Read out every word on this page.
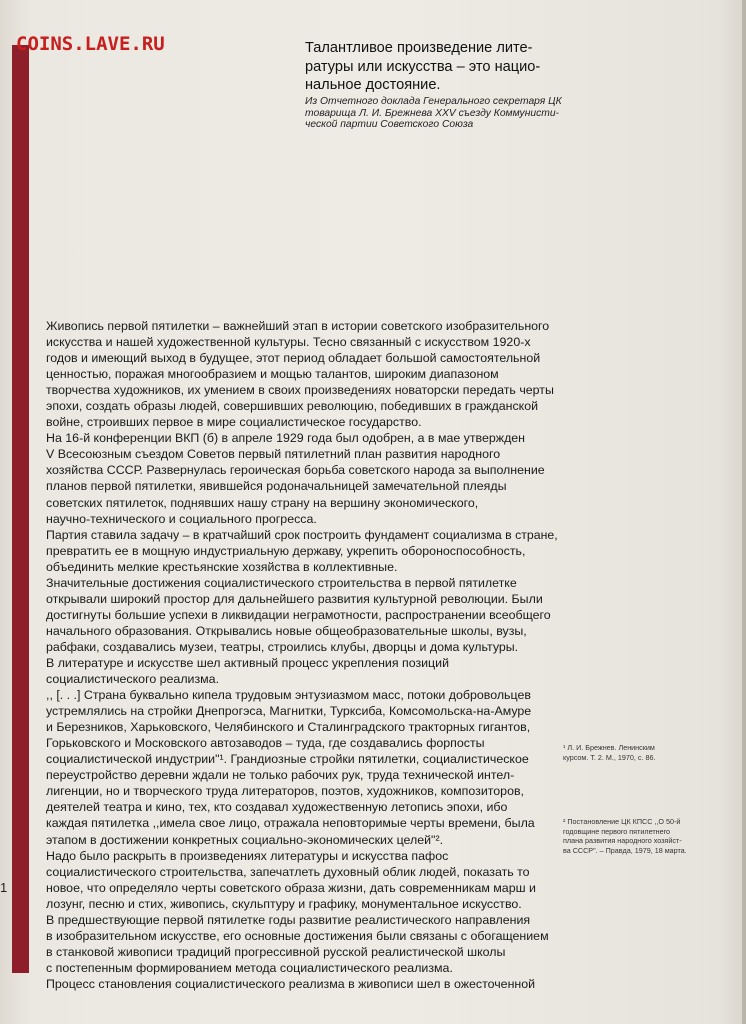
COINS.LAVE.RU
1
Талантливое произведение лите-
ратуры или искусства – это нацио-
нальное достояние.
Из Отчетного доклада Генерального секретаря ЦК
товарища Л. И. Брежнева XXV съезду Коммунисти-
ческой партии Советского Союза
Живопись первой пятилетки – важнейший этап в истории советского изобразительного
искусства и нашей художественной культуры. Тесно связанный с искусством 1920-х
годов и имеющий выход в будущее, этот период обладает большой самостоятельной
ценностью, поражая многообразием и мощью талантов, широким диапазоном
творчества художников, их умением в своих произведениях новаторски передать черты
эпохи, создать образы людей, совершивших революцию, победивших в гражданской
войне, строивших первое в мире социалистическое государство.
На 16-й конференции ВКП (б) в апреле 1929 года был одобрен, а в мае утвержден
V Всесоюзным съездом Советов первый пятилетний план развития народного
хозяйства СССР. Развернулась героическая борьба советского народа за выполнение
планов первой пятилетки, явившейся родоначальницей замечательной плеяды
советских пятилеток, поднявших нашу страну на вершину экономического,
научно-технического и социального прогресса.
Партия ставила задачу – в кратчайший срок построить фундамент социализма в стране,
превратить ее в мощную индустриальную державу, укрепить обороноспособность,
объединить мелкие крестьянские хозяйства в коллективные.
Значительные достижения социалистического строительства в первой пятилетке
открывали широкий простор для дальнейшего развития культурной революции. Были
достигнуты большие успехи в ликвидации неграмотности, распространении всеобщего
начального образования. Открывались новые общеобразовательные школы, вузы,
рабфаки, создавались музеи, театры, строились клубы, дворцы и дома культуры.
В литературе и искусстве шел активный процесс укрепления позиций
социалистического реализма.
,, [. . .] Страна буквально кипела трудовым энтузиазмом масс, потоки добровольцев
устремлялись на стройки Днепрогэса, Магнитки, Турксиба, Комсомольска-на-Амуре
и Березников, Харьковского, Челябинского и Сталинградского тракторных гигантов,
Горьковского и Московского автозаводов – туда, где создавались форпосты
социалистической индустрии"¹. Грандиозные стройки пятилетки, социалистическое
переустройство деревни ждали не только рабочих рук, труда технической интел-
лигенции, но и творческого труда литераторов, поэтов, художников, композиторов,
деятелей театра и кино, тех, кто создавал художественную летопись эпохи, ибо
каждая пятилетка ,,имела свое лицо, отражала неповторимые черты времени, была
этапом в достижении конкретных социально-экономических целей"².
Надо было раскрыть в произведениях литературы и искусства пафос
социалистического строительства, запечатлеть духовный облик людей, показать то
новое, что определяло черты советского образа жизни, дать современникам марш и
лозунг, песню и стих, живопись, скульптуру и графику, монументальное искусство.
В предшествующие первой пятилетке годы развитие реалистического направления
в изобразительном искусстве, его основные достижения были связаны с обогащением
в станковой живописи традиций прогрессивной русской реалистической школы
с постепенным формированием метода социалистического реализма.
Процесс становления социалистического реализма в живописи шел в ожесточенной
¹ Л. И. Брежнев. Ленинским
курсом. Т. 2. М., 1970, с. 86.
² Постановление ЦК КПСС ,,О 50-й
годовщине первого пятилетнего
плана развития народного хозяйст-
ва СССР". – Правда, 1979, 18 марта.
